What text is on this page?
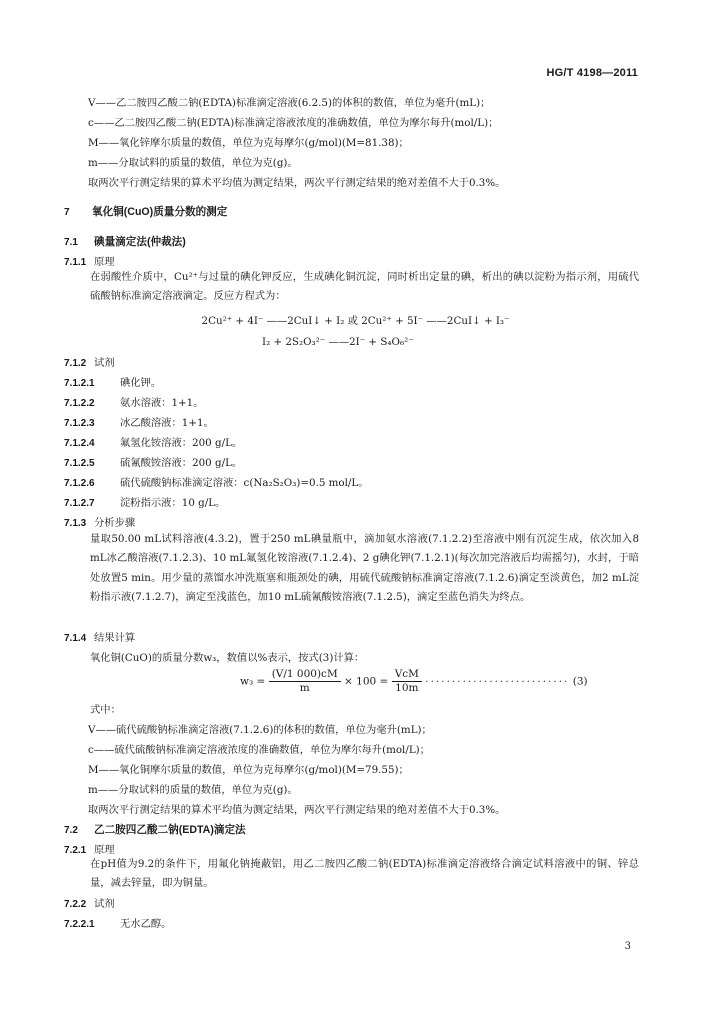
HG/T 4198—2011
V——乙二胺四乙酸二钠(EDTA)标准滴定溶液(6.2.5)的体积的数值，单位为毫升(mL)；
c——乙二胺四乙酸二钠(EDTA)标准滴定溶液浓度的准确数值，单位为摩尔每升(mol/L)；
M——氧化锌摩尔质量的数值，单位为克每摩尔(g/mol)(M=81.38)；
m——分取试料的质量的数值，单位为克(g)。
取两次平行测定结果的算术平均值为测定结果，两次平行测定结果的绝对差值不大于0.3%。
7 氧化铜(CuO)质量分数的测定
7.1 碘量滴定法(仲裁法)
7.1.1 原理
在弱酸性介质中，Cu²⁺与过量的碘化钾反应，生成碘化铜沉淀，同时析出定量的碘，析出的碘以淀粉为指示剂，用硫代硫酸钠标准滴定溶液滴定。反应方程式为：
2Cu²⁺ + 4I⁻ ——2CuI↓ + I₂ 或 2Cu²⁺ + 5I⁻ ——2CuI↓ + I₃⁻
I₂ + 2S₂O₃²⁻ ——2I⁻ + S₄O₆²⁻
7.1.2 试剂
7.1.2.1 碘化钾。
7.1.2.2 氨水溶液：1+1。
7.1.2.3 冰乙酸溶液：1+1。
7.1.2.4 氟氢化铵溶液：200 g/L。
7.1.2.5 硫氰酸铵溶液：200 g/L。
7.1.2.6 硫代硫酸钠标准滴定溶液：c(Na₂S₂O₃)=0.5 mol/L。
7.1.2.7 淀粉指示液：10 g/L。
7.1.3 分析步骤
量取50.00 mL试料溶液(4.3.2)，置于250 mL碘量瓶中，滴加氨水溶液(7.1.2.2)至溶液中刚有沉淀生成，依次加入8 mL冰乙酸溶液(7.1.2.3)、10 mL氟氢化铵溶液(7.1.2.4)、2 g碘化钾(7.1.2.1)(每次加完溶液后均需摇匀)，水封，于暗处放置5 min。用少量的蒸馏水冲洗瓶塞和瓶颈处的碘，用硫代硫酸钠标准滴定溶液(7.1.2.6)滴定至淡黄色，加2 mL淀粉指示液(7.1.2.7)，滴定至浅蓝色，加10 mL硫氰酸铵溶液(7.1.2.5)，滴定至蓝色消失为终点。
7.1.4 结果计算
氧化铜(CuO)的质量分数w₃，数值以%表示，按式(3)计算：
$w_3 = \frac{(V/1 000)cM}{m} \times 100 = \frac{\text{VcM}}{10m}$ ··························· (3)
式中：
V——硫代硫酸钠标准滴定溶液(7.1.2.6)的体积的数值，单位为毫升(mL)；
c——硫代硫酸钠标准滴定溶液浓度的准确数值，单位为摩尔每升(mol/L)；
M——氧化铜摩尔质量的数值，单位为克每摩尔(g/mol)(M=79.55)；
m——分取试料的质量的数值，单位为克(g)。
取两次平行测定结果的算术平均值为测定结果，两次平行测定结果的绝对差值不大于0.3%。
7.2 乙二胺四乙酸二钠(EDTA)滴定法
7.2.1 原理
在pH值为9.2的条件下，用氟化钠掩蔽铝，用乙二胺四乙酸二钠(EDTA)标准滴定溶液络合滴定试料溶液中的铜、锌总量，减去锌量，即为铜量。
7.2.2 试剂
7.2.2.1 无水乙醇。
3
